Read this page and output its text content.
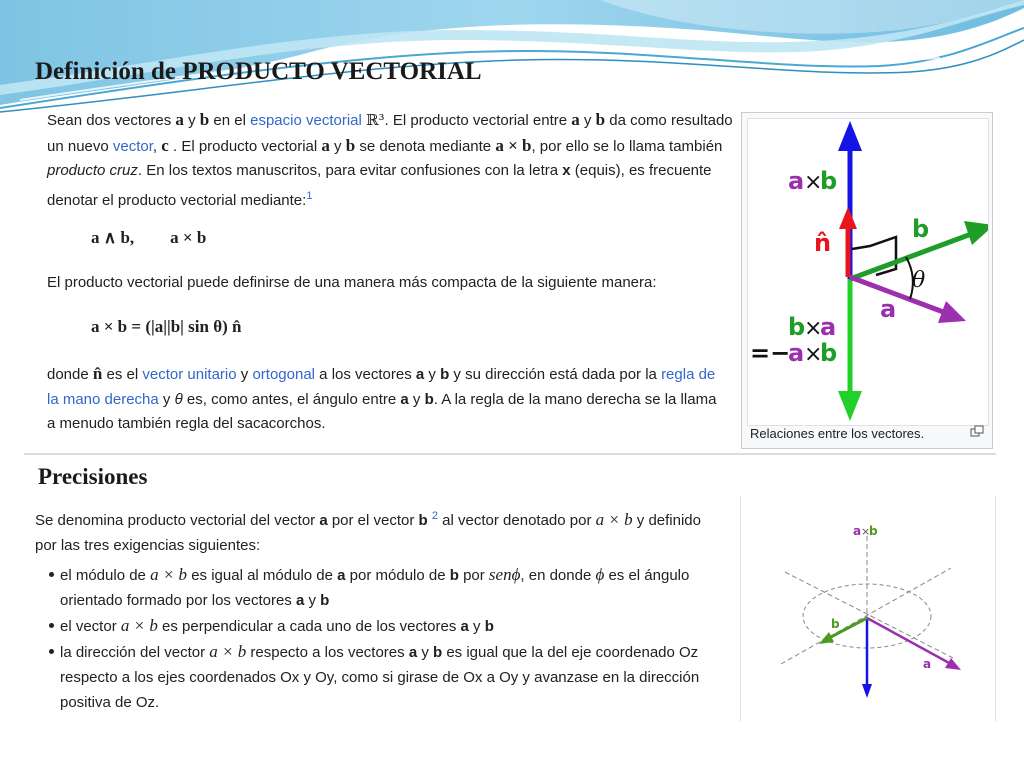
Definición de PRODUCTO VECTORIAL

Sean dos vectores a y b en el espacio vectorial ℝ³. El producto vectorial entre a y b da como resultado un nuevo vector, c . El producto vectorial a y b se denota mediante a × b, por ello se lo llama también producto cruz. En los textos manuscritos, para evitar confusiones con la letra x (equis), es frecuente denotar el producto vectorial mediante:$^1$

a ∧ b, a × b

El producto vectorial puede definirse de una manera más compacta de la siguiente manera:

a × b = (|a||b| sin θ) n̂

donde n̂ es el vector unitario y ortogonal a los vectores a y b y su dirección está dada por la regla de la mano derecha y θ es, como antes, el ángulo entre a y b. A la regla de la mano derecha se la llama a menudo también regla del sacacorchos.

a ×
b
n̂	b
θ
a
b
×
a
=−
a ×
b
Relaciones entre los vectores.
Precisiones

Se denomina producto vectorial del vector a por el vector b $^2$ al vector denotado por a × b y definido por las tres exigencias siguientes:

el módulo de a × b es igual al módulo de a por módulo de b por senϕ, en donde ϕ es el ángulo orientado formado por los vectores a y b
el vector a × b es perpendicular a cada uno de los vectores a y b
la dirección del vector a × b respecto a los vectores a y b es igual que la del eje coordenado Oz respecto a los ejes coordenados Ox y Oy, como si girase de Ox a Oy y avanzase en la dirección positiva de Oz.
a ×
b
b
a
